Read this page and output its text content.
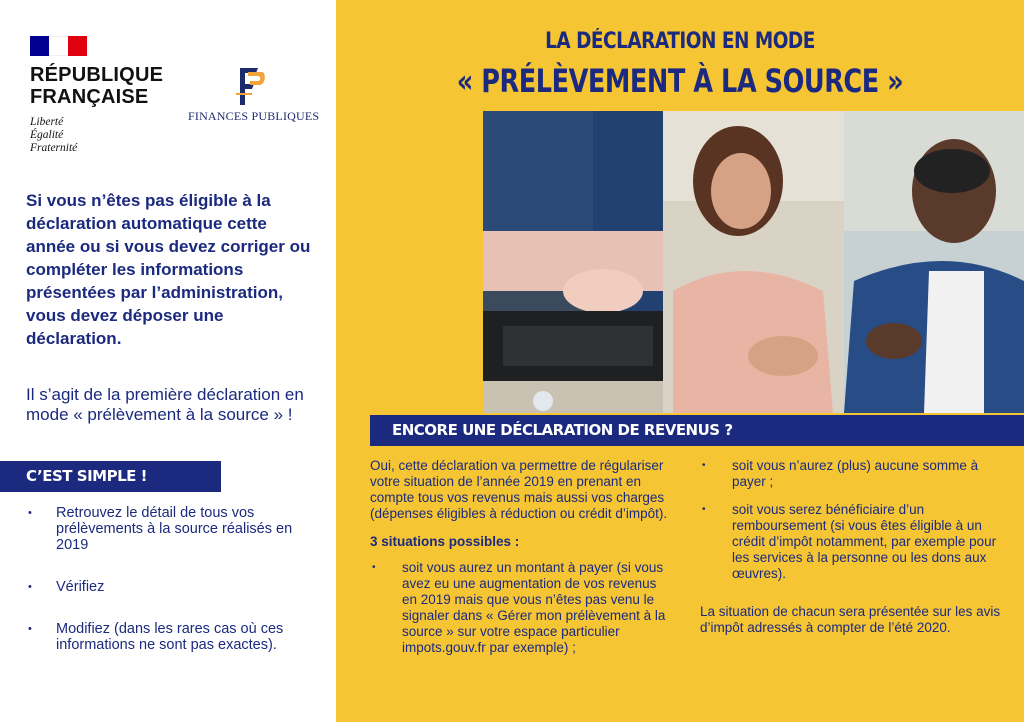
RÉPUBLIQUE
FRANÇAISE
Liberté
Égalité
Fraternité
FINANCES PUBLIQUES
Si vous n’êtes pas éligible à la déclaration automatique cette année ou si vous devez corriger ou compléter les informations présentées par l’administration, vous devez déposer une déclaration.
Il s’agit de la première déclaration en mode « prélèvement à la source » !
C’EST SIMPLE !
• Retrouvez le détail de tous vos prélèvements à la source réalisés en 2019
• Vérifiez
• Modifiez (dans les rares cas où ces informations ne sont pas exactes).
LA DÉCLARATION EN MODE
« PRÉLÈVEMENT À LA SOURCE »
ENCORE UNE DÉCLARATION DE REVENUS ?

Oui, cette déclaration va permettre de régulariser votre situation de l’année 2019 en prenant en compte tous vos revenus mais aussi vos charges (dépenses éligibles à réduction ou crédit d’impôt).

3 situations possibles :

• soit vous aurez un montant à payer (si vous avez eu une augmentation de vos revenus en 2019 mais que vous n’êtes pas venu le signaler dans « Gérer mon prélèvement à la source » sur votre espace particulier impots.gouv.fr par exemple) ;
• soit vous n’aurez (plus) aucune somme à payer ;
• soit vous serez bénéficiaire d’un remboursement (si vous êtes éligible à un crédit d’impôt notamment, par exemple pour les services à la personne ou les dons aux œuvres).

La situation de chacun sera présentée sur les avis d’impôt adressés à compter de l’été 2020.
